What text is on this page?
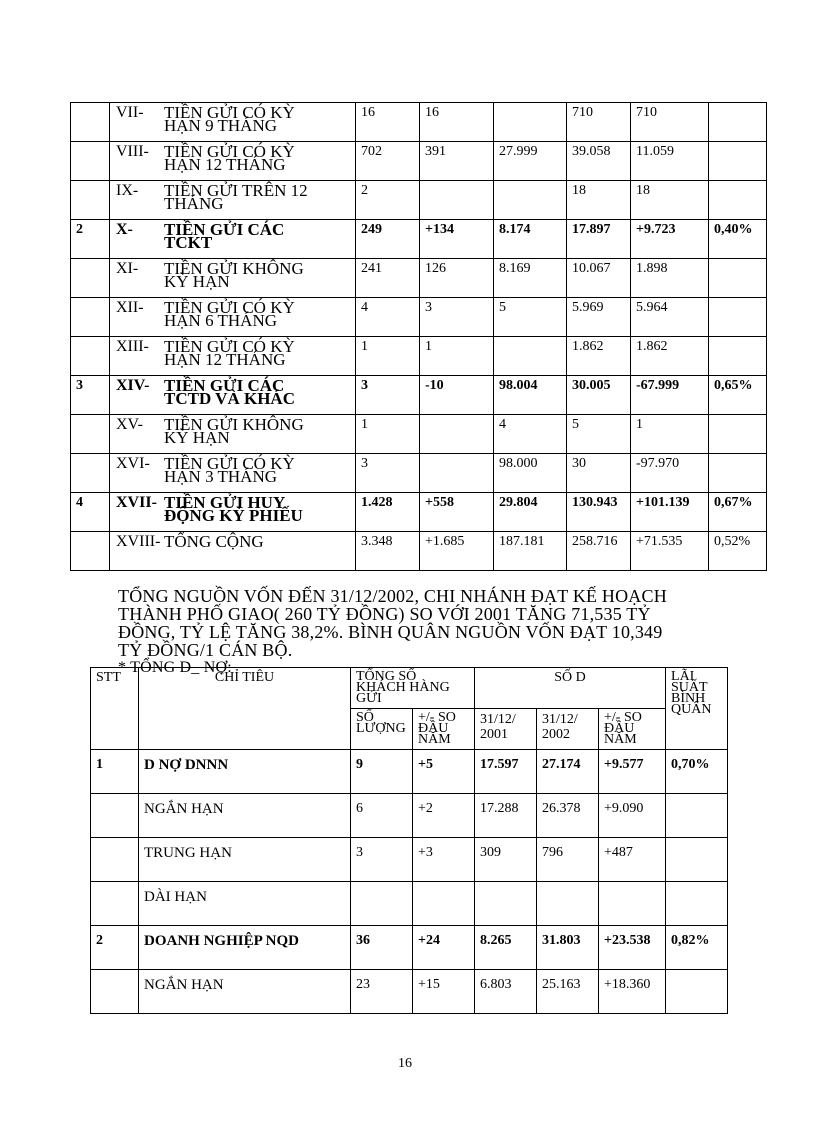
	VII- TIỀN GỬI CÓ KỲ HẠN 9 THÁNG	16	16		710	710	
	VIII- TIỀN GỬI CÓ KỲ HẠN 12 THÁNG	702	391	27.999	39.058	11.059	
	IX- TIỀN GỬI TRÊN 12 THÁNG	2			18	18	
2	X- TIỀN GỬI CÁC TCKT	249	+134	8.174	17.897	+9.723	0,40%
	XI- TIỀN GỬI KHÔNG KỲ HẠN	241	126	8.169	10.067	1.898	
	XII- TIỀN GỬI CÓ KỲ HẠN 6 THÁNG	4	3	5	5.969	5.964	
	XIII- TIỀN GỬI CÓ KỲ HẠN 12 THÁNG	1	1		1.862	1.862	
3	XIV- TIỀN GỬI CÁC TCTD VÀ KHÁC	3	-10	98.004	30.005	-67.999	0,65%
	XV- TIỀN GỬI KHÔNG KỲ HẠN	1		4	5	1	
	XVI- TIỀN GỬI CÓ KỲ HẠN 3 THÁNG	3		98.000	30	-97.970	
4	XVII- TIỀN GỬI HUY ĐỘNG KỲ PHIẾU	1.428	+558	29.804	130.943	+101.139	0,67%
	XVIII- TỔNG CỘNG	3.348	+1.685	187.181	258.716	+71.535	0,52%
TỔNG NGUỒN VỐN ĐẾN 31/12/2002, CHI NHÁNH ĐẠT KẾ HOẠCH
THÀNH PHỐ GIAO( 260 TỶ ĐỒNG) SO VỚI 2001 TĂNG 71,535 TỶ
ĐỒNG, TỶ LỆ TĂNG 38,2%. BÌNH QUÂN NGUỒN VỐN ĐẠT 10,349
TỶ ĐỒNG/1 CÁN BỘ.
* TỔNG D_ NỢ:
STT	CHỈ TIÊU	TỔNG SỐ KHÁCH HÀNG GỬI		SỐ D			LÃI SUẤT BÌNH QUÂN
		SỐ LƯỢNG	+/- SO ĐẦU NĂM	31/12/ 2001	31/12/ 2002	+/- SO ĐẦU NĂM	
1	D NỢ DNNN	9	+5	17.597	27.174	+9.577	0,70%
	NGẮN HẠN	6	+2	17.288	26.378	+9.090	
	TRUNG HẠN	3	+3	309	796	+487	
	DÀI HẠN						
2	DOANH NGHIỆP NQD	36	+24	8.265	31.803	+23.538	0,82%
	NGẮN HẠN	23	+15	6.803	25.163	+18.360	
16
